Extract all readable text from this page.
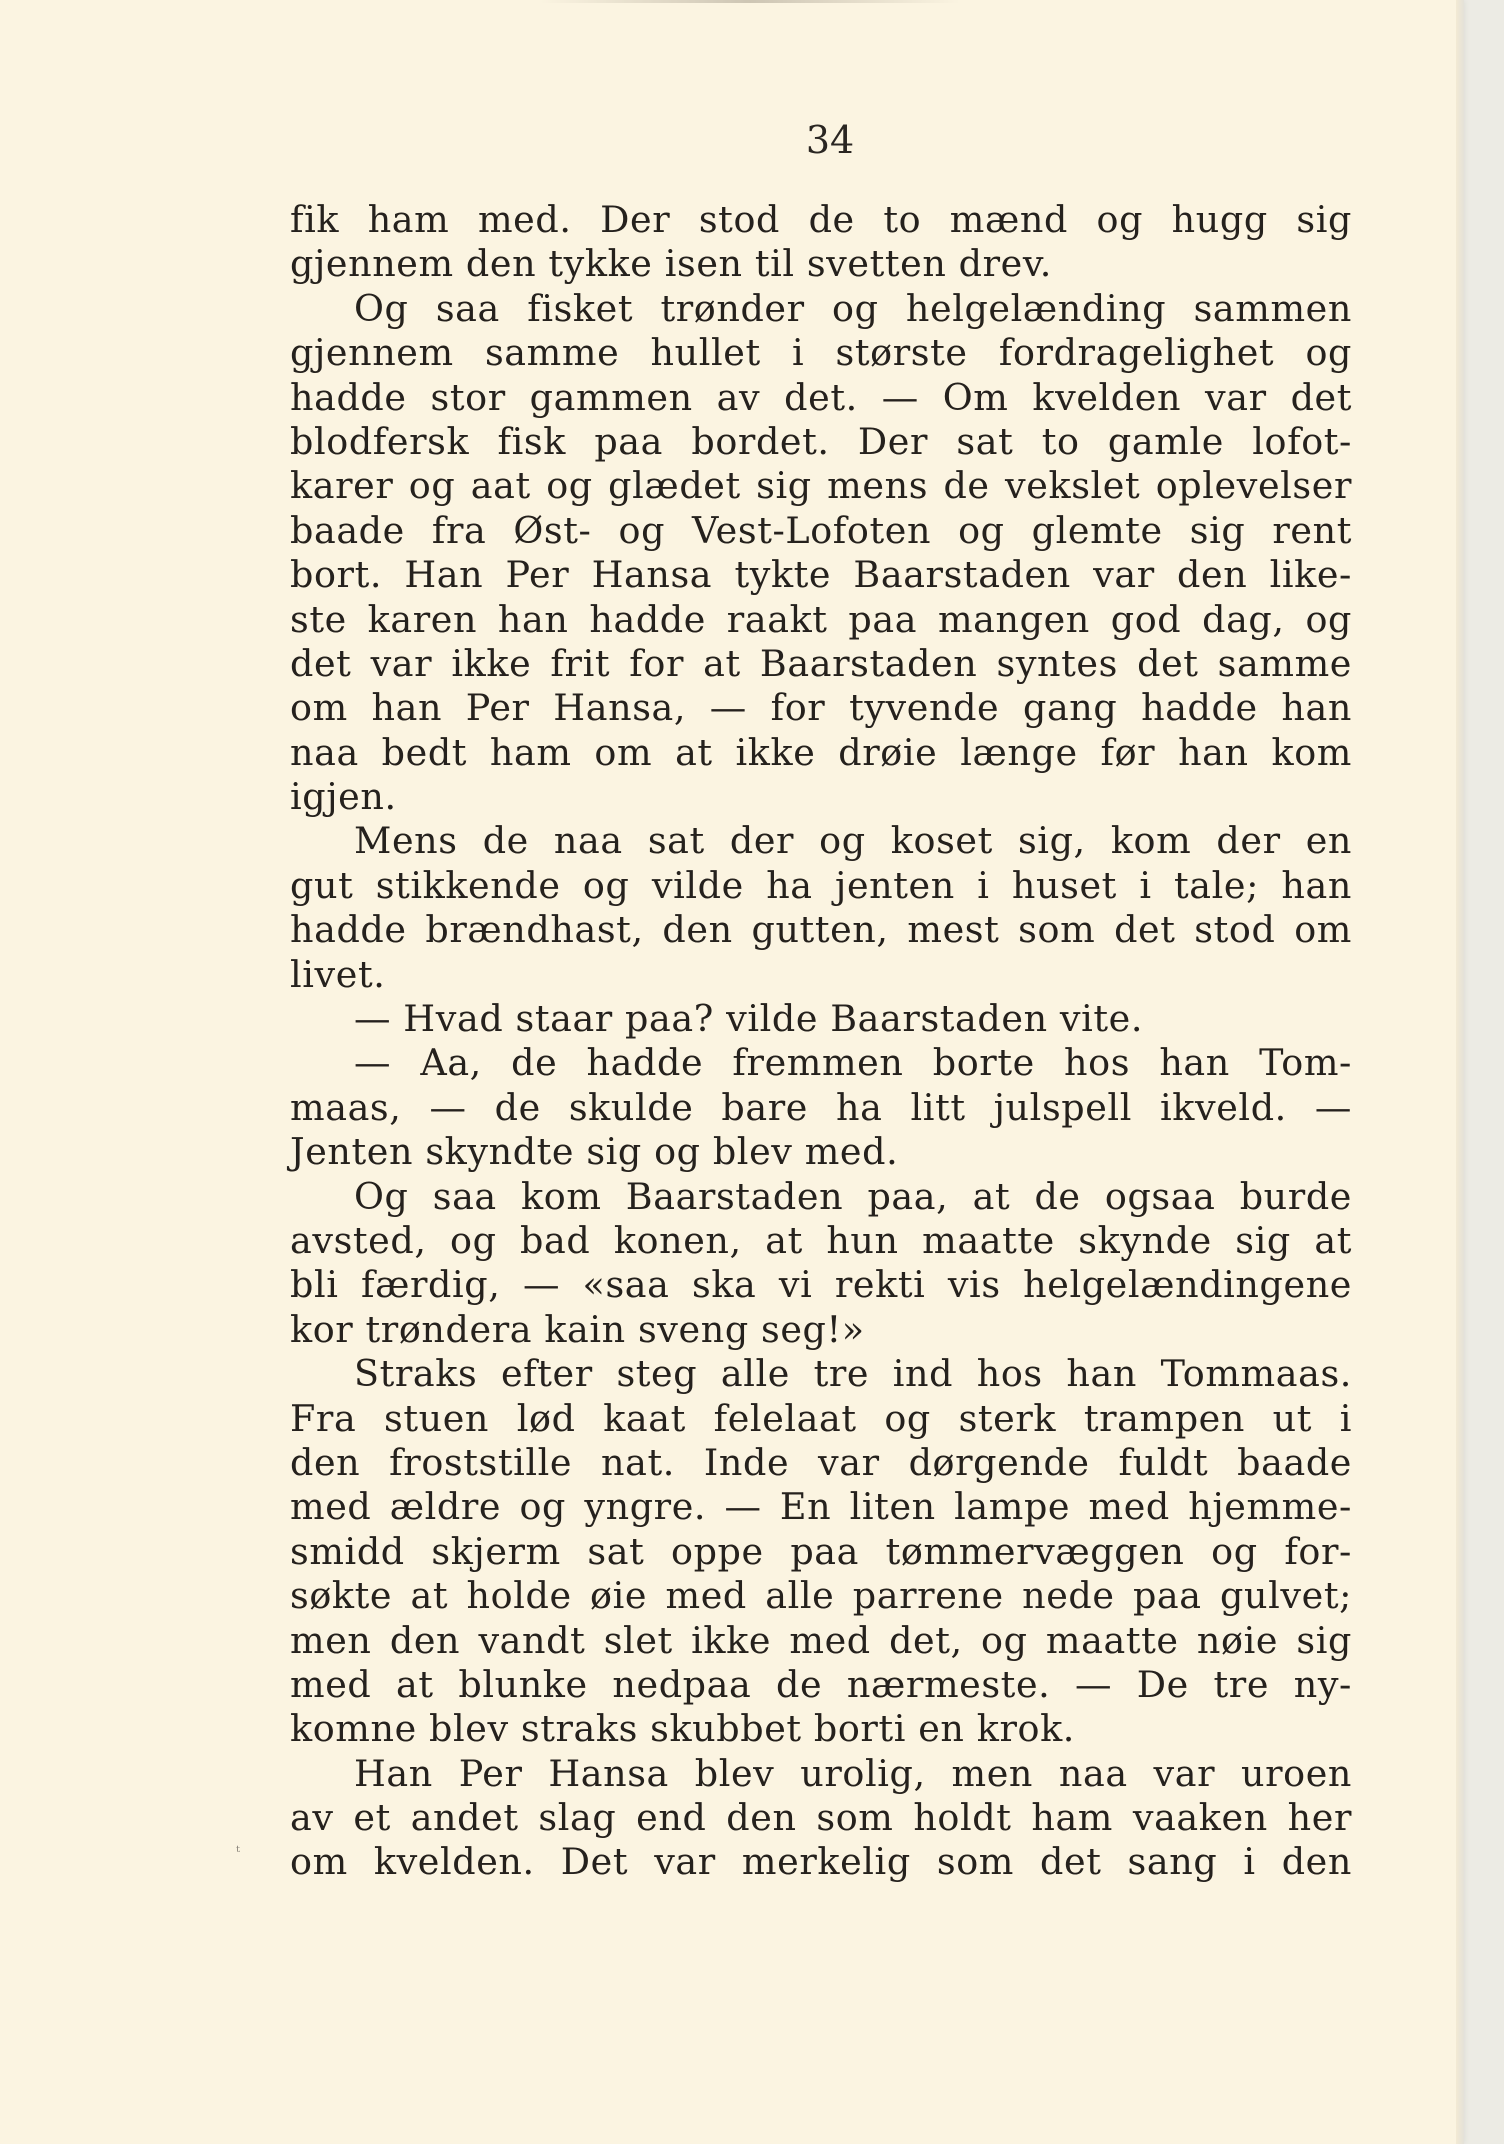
34
fik ham med. Der stod de to mænd og hugg sig
gjennem den tykke isen til svetten drev.
Og saa fisket trønder og helgelænding sammen
gjennem samme hullet i største fordragelighet og
hadde stor gammen av det. — Om kvelden var det
blodfersk fisk paa bordet. Der sat to gamle lofot-
karer og aat og glædet sig mens de vekslet oplevelser
baade fra Øst- og Vest-Lofoten og glemte sig rent
bort. Han Per Hansa tykte Baarstaden var den like-
ste karen han hadde raakt paa mangen god dag, og
det var ikke frit for at Baarstaden syntes det samme
om han Per Hansa, — for tyvende gang hadde han
naa bedt ham om at ikke drøie længe før han kom
igjen.
Mens de naa sat der og koset sig, kom der en
gut stikkende og vilde ha jenten i huset i tale; han
hadde brændhast, den gutten, mest som det stod om
livet.
— Hvad staar paa? vilde Baarstaden vite.
— Aa, de hadde fremmen borte hos han Tom-
maas, — de skulde bare ha litt julspell ikveld. —
Jenten skyndte sig og blev med.
Og saa kom Baarstaden paa, at de ogsaa burde
avsted, og bad konen, at hun maatte skynde sig at
bli færdig, — «saa ska vi rekti vis helgelændingene
kor trøndera kain sveng seg!»
Straks efter steg alle tre ind hos han Tommaas.
Fra stuen lød kaat felelaat og sterk trampen ut i
den froststille nat. Inde var dørgende fuldt baade
med ældre og yngre. — En liten lampe med hjemme-
smidd skjerm sat oppe paa tømmervæggen og for-
søkte at holde øie med alle parrene nede paa gulvet;
men den vandt slet ikke med det, og maatte nøie sig
med at blunke nedpaa de nærmeste. — De tre ny-
komne blev straks skubbet borti en krok.
Han Per Hansa blev urolig, men naa var uroen
av et andet slag end den som holdt ham vaaken her
om kvelden. Det var merkelig som det sang i den
ᵗ
